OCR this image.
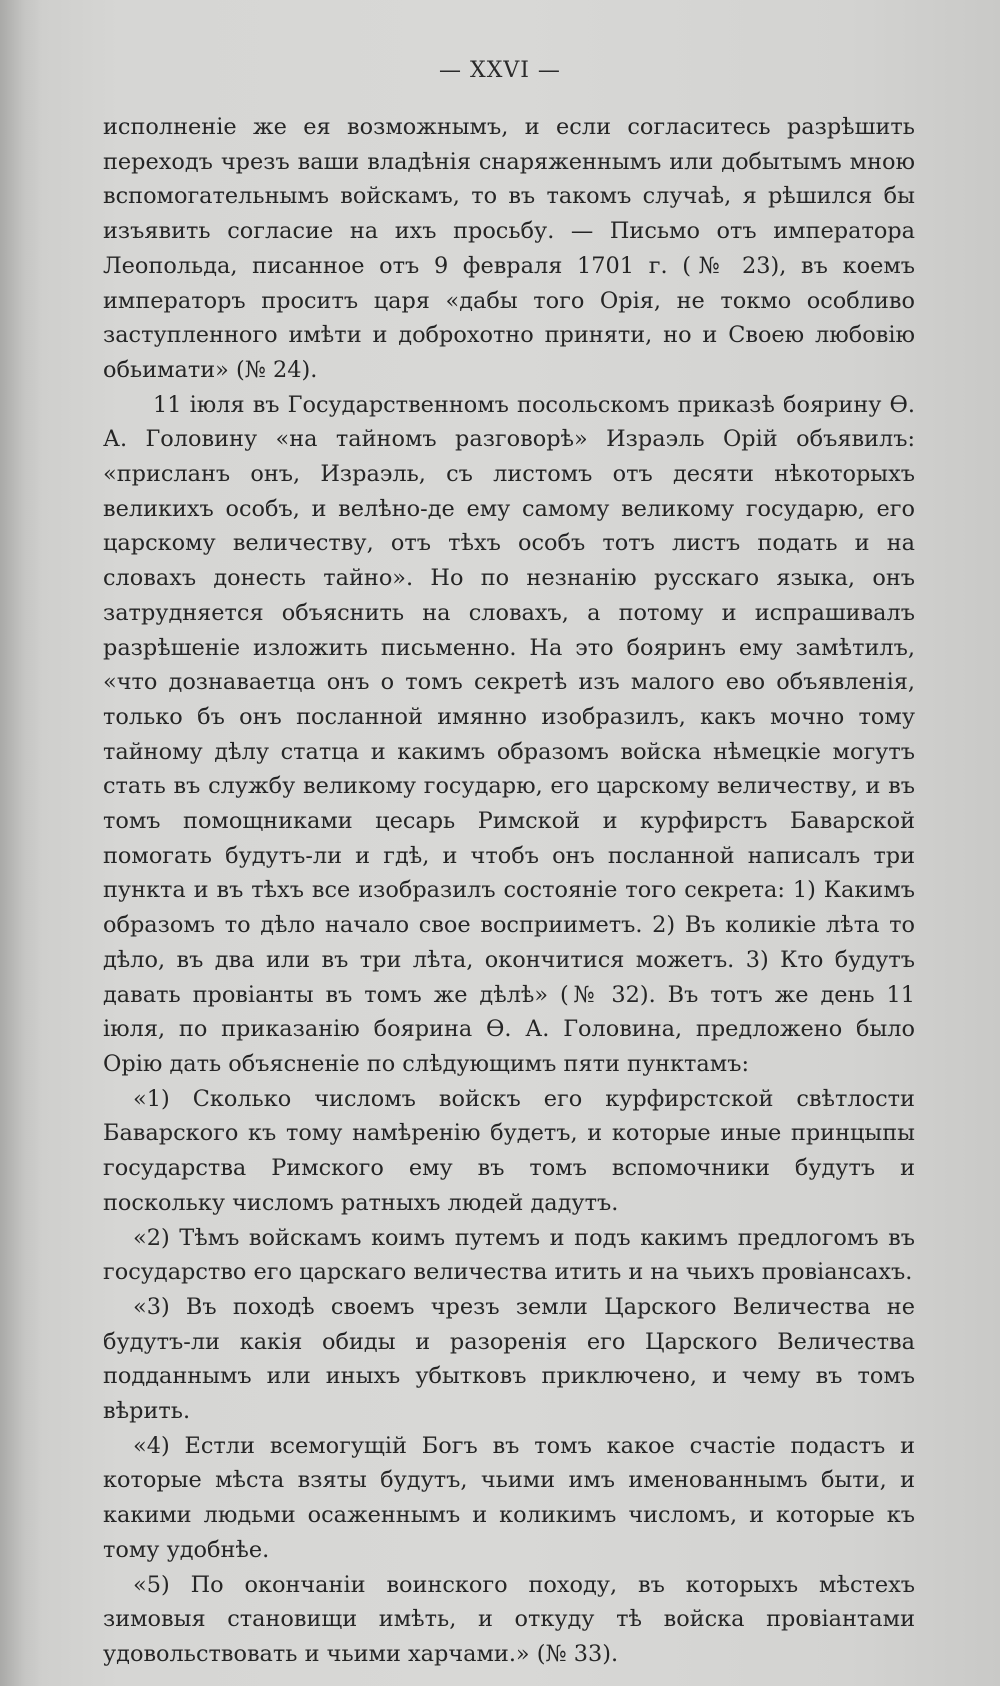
— XXVI —

исполненіе же ея возможнымъ, и если согласитесь разрѣшить переходъ чрезъ ваши владѣнія снаряженнымъ или добытымъ мною вспомогательнымъ войскамъ, то въ такомъ случаѣ, я рѣшился бы изъявить согласие на ихъ просьбу. — Письмо отъ императора Леопольда, писанное отъ 9 февраля 1701 г. (№ 23), въ коемъ императоръ проситъ царя «дабы того Орія, не токмо особливо заступленного имѣти и доброхотно приняти, но и Своею любовію обьимати» (№ 24).

11 іюля въ Государственномъ посольскомъ приказѣ боярину Ѳ. А. Головину «на тайномъ разговорѣ» Израэль Орій объявилъ: «присланъ онъ, Израэль, съ листомъ отъ десяти нѣкоторыхъ великихъ особъ, и велѣно-де ему самому великому государю, его царскому величеству, отъ тѣхъ особъ тотъ листъ подать и на словахъ донесть тайно». Но по незнанію русскаго языка, онъ затрудняется объяснить на словахъ, а потому и испрашивалъ разрѣшеніе изложить письменно. На это бояринъ ему замѣтилъ, «что дознаваетца онъ о томъ секретѣ изъ малого ево объявленія, только бъ онъ посланной имянно изобразилъ, какъ мочно тому тайному дѣлу статца и какимъ образомъ войска нѣмецкіе могутъ стать въ службу великому государю, его царскому величеству, и въ томъ помощниками цесарь Римской и курфирстъ Баварской помогать будутъ-ли и гдѣ, и чтобъ онъ посланной написалъ три пункта и въ тѣхъ все изобразилъ состояніе того секрета: 1) Какимъ образомъ то дѣло начало свое восприиметъ. 2) Въ коликіе лѣта то дѣло, въ два или въ три лѣта, окончитися можетъ. 3) Кто будутъ давать провіанты въ томъ же дѣлѣ» (№ 32). Въ тотъ же день 11 іюля, по приказанію боярина Ѳ. А. Головина, предложено было Орію дать объясненіе по слѣдующимъ пяти пунктамъ:

«1) Сколько числомъ войскъ его курфирстской свѣтлости Баварского къ тому намѣренію будетъ, и которые иные принцыпы государства Римского ему въ томъ вспомочники будутъ и поскольку числомъ ратныхъ людей дадутъ.

«2) Тѣмъ войскамъ коимъ путемъ и подъ какимъ предлогомъ въ государство его царскаго величества итить и на чьихъ провіансахъ.

«3) Въ походѣ своемъ чрезъ земли Царского Величества не будутъ-ли какія обиды и разоренія его Царского Величества подданнымъ или иныхъ убытковъ приключено, и чему въ томъ вѣрить.

«4) Естли всемогущій Богъ въ томъ какое счастіе подастъ и которые мѣста взяты будутъ, чьими имъ именованнымъ быти, и какими людьми осаженнымъ и коликимъ числомъ, и которые къ тому удобнѣе.

«5) По окончаніи воинского походу, въ которыхъ мѣстехъ зимовыя становищи имѣть, и откуду тѣ войска провіантами удовольствовать и чьими харчами.» (№ 33).
